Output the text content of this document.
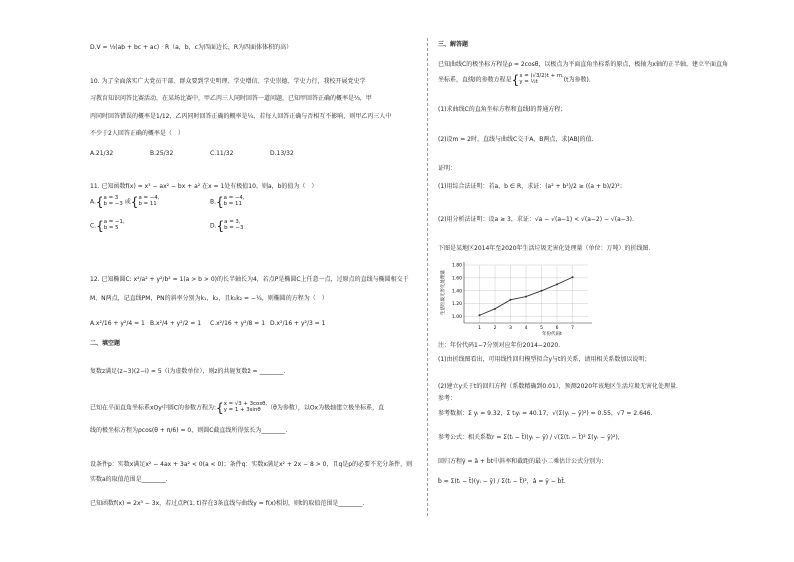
D.V = ⅓(ab + bc + ac) · R（a，b，c为四面边长，R为四面体体积的高）
10. 为了全面落实广大党员干部、群众要到学史明理、学史增信、学史崇德、学史力行，我校开展党史学
习教育知识问答比赛活动，在某场比赛中，甲乙丙三人同时回答一道问题，已知甲回答正确的概率是⅔，甲
丙同时回答错误的概率是1/12，乙丙同时回答正确的概率是¼，若每人回答正确与否相互不影响，则甲乙丙三人中
不少于2人回答正确的概率是（　）
A.21/32	B.25/32	C.11/32	D.13/32
11. 已知函数f(x) = x³ − ax² − bx + a² 在x = 1处有极值10，则a，b的值为（　）
A.{a = 3
b = −3 或{a = −4,
b = 11	B.{a = −4,
b = 11
C.{a = −1,
b = 5	D.{a = 3,
b = −3
12. 已知椭圆C: x²/a² + y²/b² = 1(a > b > 0)的长半轴长为4，若点P是椭圆C上任意一点，过原点的直线与椭圆相交于
M、N两点，记直线PM，PN的斜率分别为k₁，k₂，且k₁k₂ = −¼，则椭圆的方程为（　）
A.x²/16 + y²/4 = 1 B.x²/4 + y²/2 = 1 C.x²/16 + y²/8 = 1 D.x²/16 + y²/3 = 1
二、填空题
复数z满足(z−3)(2−i) = 5（i为虚数单位），则z的共轭复数z̄ = ________.
已知在平面直角坐标系xOy中圆C的参数方程为:{x = √3 + 3cosθ,
y = 1 + 3sinθ （θ为参数），以Ox为极轴建立极坐标系，直
线的极坐标方程为ρcos(θ + π/6) = 0，则圆C截直线所得弦长为________.
设条件p：实数x满足x² − 4ax + 3a² < 0(a < 0)；条件q：实数x满足x² + 2x − 8 > 0，且q是p的必要不充分条件，则
实数a的取值范围是________.
已知函数f(x) = 2x³ − 3x，若过点P(1, t)存在3条直线与曲线y = f(x)相切，则t的取值范围是________.
三、解答题
已知曲线C的极坐标方程是ρ = 2cosθ，以极点为平面直角坐标系的原点，极轴为x轴的正半轴，建立平面直角
坐标系，直线l的参数方程是{x = (√3/2)t + m,
y = ½t	(t为参数).
(1)求曲线C的直角坐标方程和直线l的普通方程；
(2)设m = 2时，直线与曲线C交于A，B两点，求|AB|的值.
证明：
(1)用综合法证明：若a，b ∈ R，求证：(a² + b²)/2 ≥ ((a + b)/2)²；
(2)用分析法证明：设a ≥ 3，求证：√a − √(a−1) < √(a−2) − √(a−3).
下图是某地区2014年至2020年生活垃圾无害化处理量（单位：万吨）的折线图.
1.00
1.20
1.40
1.60
1.80
1	2	3	4	5	6	7
生活垃圾无害化处理量
年份代码t
注：年份代码1−7分别对应年份2014−2020.
(1)由折线图看出，可用线性回归模型拟合y与t的关系，请用相关系数加以说明；
(2)建立y关于t的回归方程（系数精确到0.01），预测2020年该地区生活垃圾无害化处理量.
参考：
参考数据：Σ yᵢ = 9.32，Σ tᵢyᵢ = 40.17，√(Σ(yᵢ − ȳ)²) = 0.55，√7 = 2.646.
参考公式：相关系数r = Σ(tᵢ − t̄)(yᵢ − ȳ) / √(Σ(tᵢ − t̄)² Σ(yᵢ − ȳ)²)，
回归方程ŷ = â + b̂t中斜率和截距的最小二乘估计公式分别为：
b̂ = Σ(tᵢ − t̄)(yᵢ − ȳ) / Σ(tᵢ − t̄)²，â = ȳ − b̂t̄.
